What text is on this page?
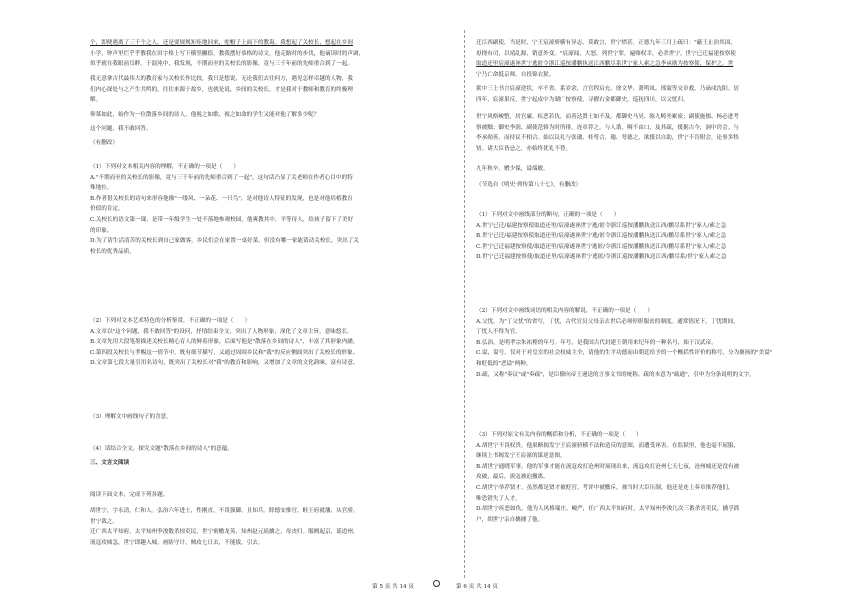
个，即便遇离了三千个之人，还是要规规矩矩地回来，驼帽子上面下的教诲。我想起了关校长，想起在乡间

小学，钟声里烂乎乎教我在田字格上写下横竖撇捺，教我摆好恭格的诗文。他走路时的步伐，他谪读时的声调，

似乎就在我眼前耳畔。于混沌中，我发现，不期而至的关校长的影像，竟与三千年前的先师重合到了一起。

我无意拿古代最伟大的教育家与关校长作比较，我只是想说，无论我们去往何方，遇见怎样卓越的人物，我

们内心深处与之产生共鸣的，往往来源于故乡，也就是说，乡间的关校长，才是我对于教师和教育的终极理

解。

仰慕如此，始作为一位散落乡间的诗人，他视之如歌、视之如命的学生又能对他了解多少呢？

这个问题，我不敢回答。

（有删改）

（1）下列对文本相关内容的理解，不正确的一项是（　　）

A."不期而至的关校长的影像，竟与三千年前的先师重合到了一起"，这句话凸显了关老师在作者心目中的特

殊地位。

B.作者借关校长的诗句来形容他像"一缕风、一朵花、一只鸟"，是对他诗人特征的发现，也是对他培植教育

价值的肯定。

C.关校长的语文第一课，是带一年级学生一处不落地参观校园，他爽教其中，平等待人，给孩子留下了美好

的印象。

D.为了请生活清苦的关校长到自己家做客，乡民们会在家置一桌好菜，但没有哪一家能请动关校长，突出了关

校长的优秀品质。

（2）下列对文本艺术特色的分析鉴赏，不正确的一项是（　　）

A.文章以"这个问题，我不敢回答"的设问，抒情结束全文，突出了人物形象，深化了文章主旨，意味悠长。

B.文章先用大段笔墨描述关校长精心育人的鲜着形象，后面写他是"散落在乡间的诗人"，丰富了其形象内涵。

C.第四段关校长与孝赐这一情节中，既有细节描写，又通过周围乡民和"我"的反应侧面突出了关校长的形象。

D.文章第七段大量引用名诗句，既突出了关校长对"我"的教育和影响，又增加了文章的文化韵味，富有诗意。

（3）理解文中画线句子的含意。

（4）请结合全文，探究文题"散落在乡间的诗人"的意蕴。

三、文言文阅读

阅读下面文本，完成下列各题。

胡世宁，字永清，仁和人。弘治六年进士，性刚直，不畏强御，且知兵。除德安推官，畦王府就藩，从官骄，

世宁裁之。

迁广西太平知府，太平知州李浚数杀掠吏民，世宁密檄龙英、知州赵元瑶擒之，母丧归。服阙起京，谣迨州，

流寇攻城急，世宁即趣入城，画防守计，贼攻七日去，不能拔，引去。

迁江西副使。当是时，宁王宸濠骄横有异志，莫敢言，世宁愤甚。正德九年三月上疏曰："蔽王止治其国，

毋挠有司，以靖乱源，销意外变。"宸濠闻，大怒，列世宁罪，遍赂权幸，必杀世宁。世宁已迁福建按察使

取道还里宸濠遂诬世宁逃匿令浙江巡按潘鹏执送江西鹏尽系世宁家人索之急李承勋为按察使，保护之。世

宁乃亡命抵京师，自投锦衣狱。

狱中三上书言宸濠逆状，卒不省。系岁余，言官程启充、徐文华、萧鸣凤、邢寰等交章救，乃谪戍沈阳。居

四年，宸濠果反，世宁起戍中为湖广按察使，寻擢右金都御史，巡抚四川，以父忧归。

世宁风格峻整，居官廉，疾恶若仇，而善达贤士如不及。都御史马昊、陈九畴坐累废；副使施儒、杨必进考

察被黜；御史李润、副使范辂为时所排，连章荐之。与人谐，啁不由口，及其疏，援据古今，洞中窍会。与

李承勋善，而持议不相合。始以议礼与张璁、桂萼合，璁、萼德之，欲援以自助，世宁不肯附会，论事多牾

啎。诸大臣皆忌之，亦始终优礼不替。

九年秋卒，赠少保，谥端敏。

（节选自《明史·列传第八十七》，有删改）

（1）下列对文中画线部分的断句，正确的一项是（　　）

A.世宁已迁/福建按察使取道还里/宸濠遂诬世宁逃/匿令浙江巡按潘鹏执送江西/鹏尽系世宁家人/索之急

B.世宁已迁/福建按察使取道还里/宸濠遂诬世宁逃/匿令浙江巡按潘鹏执送江西/鹏尽系世宁家人/索之急

C.世宁已迁福建按察使/取道还里/宸濠遂诬世宁逃匿/令浙江巡按潘鹏执送江西/鹏尽系世宁家人/索之急

D.世宁已迁福建按察使/取道还里/宸濠遂诬世宁逃匿/令浙江巡按潘鹏执送江西/鹏尽系/世宁家人索之急

（2）下列对文中画线词语的相关内容的解说，不正确的一项是（　　）

A.父忧，为"丁父忧"的省写，丁忧，古代官员父母亲去世后必须停职服丧的制度。通常情况下，丁忧期间，

丁忧人不得为官。

B.弘治，是明孝宗朱祐樘的年号。年号，是我国古代封建王朝用来纪年的一种名号，始于汉武帝。

C.谥，谥号。仅对于对皇室的社会权威主全，请他的生平功德而由朝廷给予的一个概括性评价的称号，分为褒扬的"美谥"

和贬低的"恶谥"两种。

D.疏，又称"奏议"或"奏疏"，是臣僚向帝王递送的言事文书的统称。疏的本意为"疏通"，引申为分条说明的文字。

（3）下列对原文有关内容的概括和分析，不正确的一项是（　　）

A.胡世宁不畏权贵。他果断揭发宁王宸濠骄横不法和造反的意图，而遭受诬害。在监狱里，他也毫不屈服，

继续上书揭发宁王宸濠的谋逆意图。

B.胡世宁通晓军事。他的军事才能在流寇攻打沧州时展现出来，流寇攻打沧州七天七夜，沧州城还是没有被

攻破，最后，流寇被迫撤离。

C.胡世宁举荐贤才。虽然都是贤才被贬官，考评中被黜斥，被当时大臣压制，他还是连上奏章推荐他们，

唯恐错失了人才。

D.胡世宁疾恶如仇。他为人风格端庄、峻严，任广西太平知府时，太平知州李浚几次三番杀害吏民，擒孚抓

户，胡世宁亲自擒捕了他。

第 5 页 共 14 页	第 6 页 共 14 页
